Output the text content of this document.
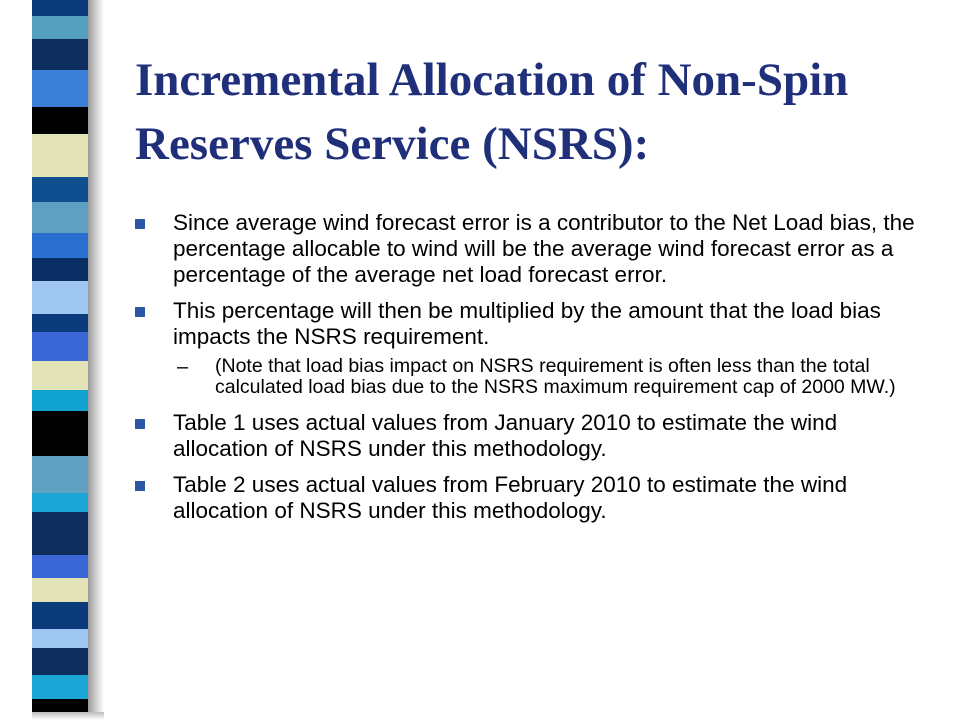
Incremental Allocation of Non-Spin Reserves Service (NSRS):
Since average wind forecast error is a contributor to the Net Load bias, the percentage allocable to wind will be the average wind forecast error as a percentage of the average net load forecast error.
This percentage will then be multiplied by the amount that the load bias impacts the NSRS requirement.
–	(Note that load bias impact on NSRS requirement is often less than the total calculated load bias due to the NSRS maximum requirement cap of 2000 MW.)
Table 1 uses actual values from January 2010 to estimate the wind allocation of NSRS under this methodology.
Table 2 uses actual values from February 2010 to estimate the wind allocation of NSRS under this methodology.
